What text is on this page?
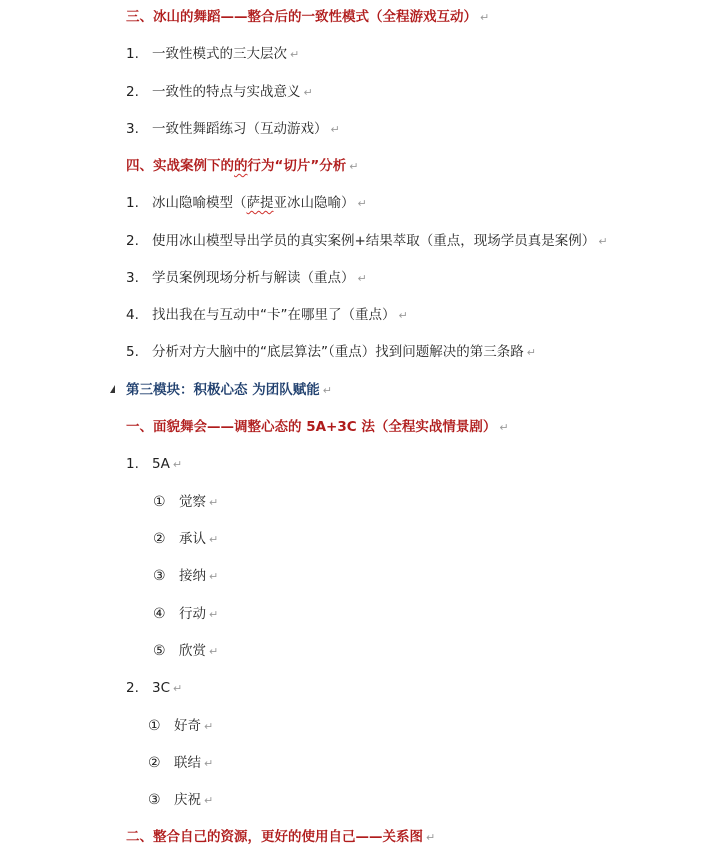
三、冰山的舞蹈——整合后的一致性模式（全程游戏互动） ↵
1. 一致性模式的三大层次 ↵
2. 一致性的特点与实战意义 ↵
3. 一致性舞蹈练习（互动游戏） ↵
四、实战案例下的的行为“切片”分析 ↵
1. 冰山隐喻模型（萨提亚冰山隐喻） ↵
2. 使用冰山模型导出学员的真实案例+结果萃取（重点，现场学员真是案例） ↵
3. 学员案例现场分析与解读（重点） ↵
4. 找出我在与互动中“卡”在哪里了（重点） ↵
5. 分析对方大脑中的“底层算法”（重点）找到问题解决的第三条路 ↵
第三模块：积极心态 为团队赋能 ↵
一、面貌舞会——调整心态的 5A+3C 法（全程实战情景剧） ↵
1. 5A ↵
① 觉察 ↵
② 承认 ↵
③ 接纳 ↵
④ 行动 ↵
⑤ 欣赏 ↵
2. 3C ↵
① 好奇 ↵
② 联结 ↵
③ 庆祝 ↵
二、整合自己的资源，更好的使用自己——关系图 ↵
